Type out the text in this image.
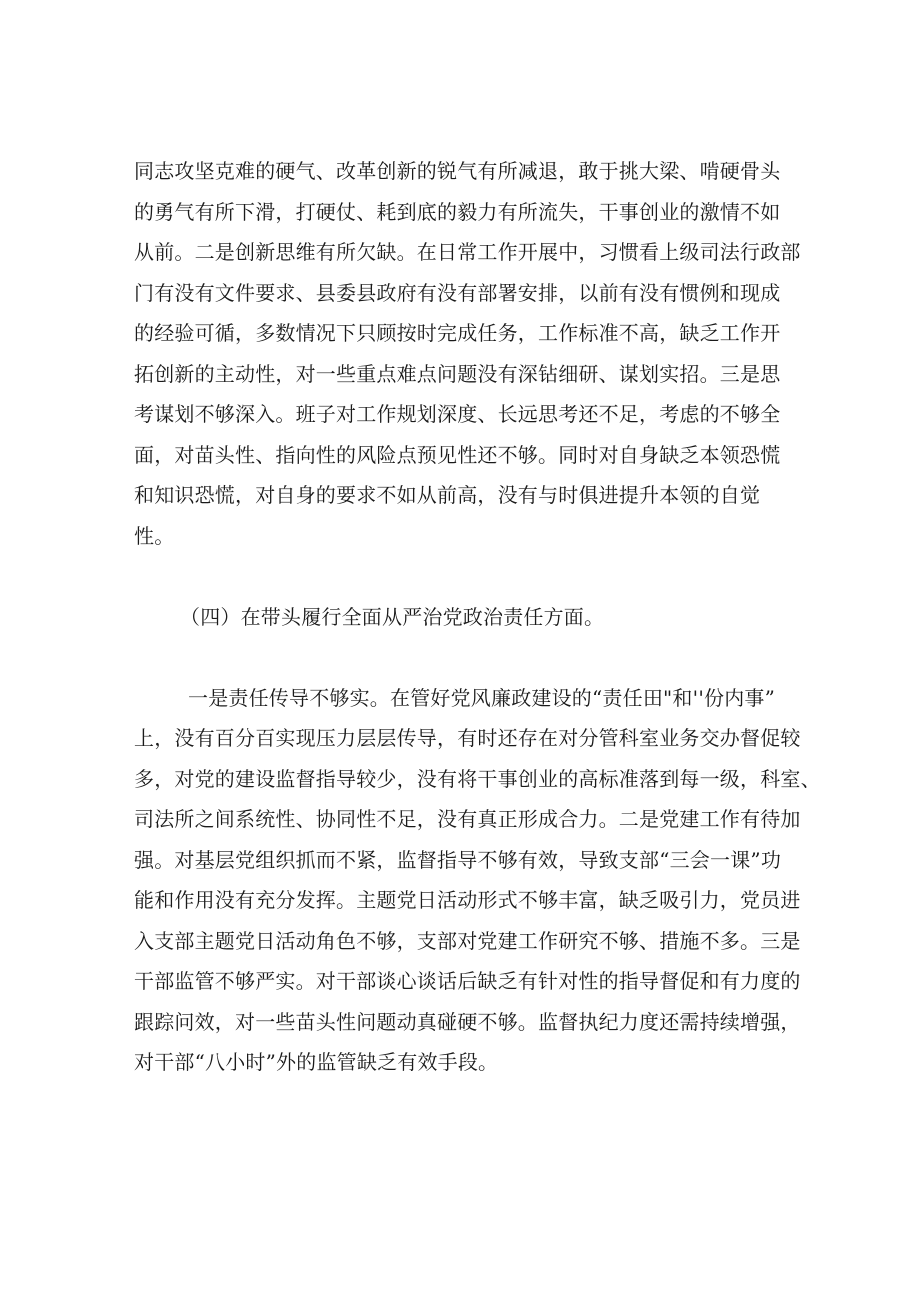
同志攻坚克难的硬气、改革创新的锐气有所减退，敢于挑大梁、啃硬骨头
的勇气有所下滑，打硬仗、耗到底的毅力有所流失，干事创业的激情不如
从前。二是创新思维有所欠缺。在日常工作开展中，习惯看上级司法行政部
门有没有文件要求、县委县政府有没有部署安排，以前有没有惯例和现成
的经验可循，多数情况下只顾按时完成任务，工作标准不高，缺乏工作开
拓创新的主动性，对一些重点难点问题没有深钻细研、谋划实招。三是思
考谋划不够深入。班子对工作规划深度、长远思考还不足，考虑的不够全
面，对苗头性、指向性的风险点预见性还不够。同时对自身缺乏本领恐慌
和知识恐慌，对自身的要求不如从前高，没有与时俱进提升本领的自觉
性。
（四）在带头履行全面从严治党政治责任方面。
一是责任传导不够实。在管好党风廉政建设的“责任田"和''份内事”
上，没有百分百实现压力层层传导，有时还存在对分管科室业务交办督促较
多，对党的建设监督指导较少，没有将干事创业的高标准落到每一级，科室、
司法所之间系统性、协同性不足，没有真正形成合力。二是党建工作有待加
强。对基层党组织抓而不紧，监督指导不够有效，导致支部“三会一课”功
能和作用没有充分发挥。主题党日活动形式不够丰富，缺乏吸引力，党员进
入支部主题党日活动角色不够，支部对党建工作研究不够、措施不多。三是
干部监管不够严实。对干部谈心谈话后缺乏有针对性的指导督促和有力度的
跟踪问效，对一些苗头性问题动真碰硬不够。监督执纪力度还需持续增强，
对干部“八小时”外的监管缺乏有效手段。
